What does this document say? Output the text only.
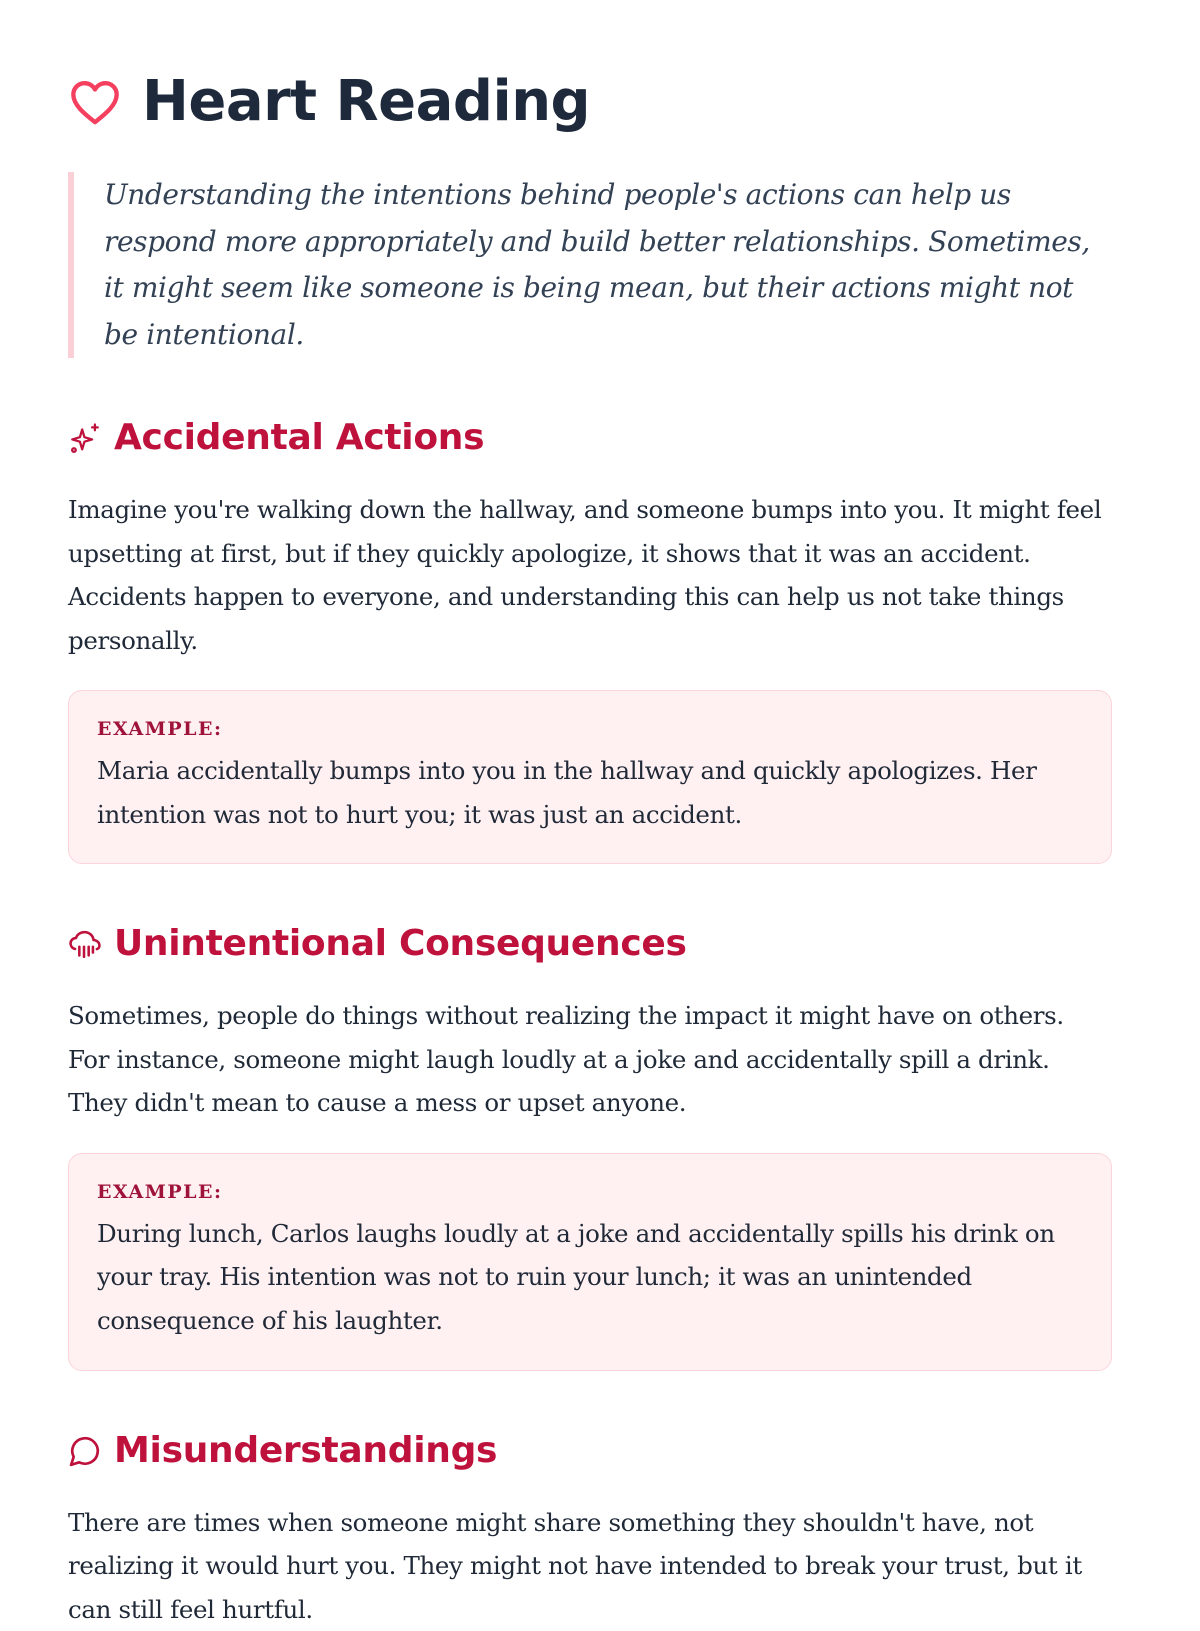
Heart Reading
Understanding the intentions behind people's actions can help us respond more appropriately and build better relationships. Sometimes, it might seem like someone is being mean, but their actions might not be intentional.
Accidental Actions

Imagine you're walking down the hallway, and someone bumps into you. It might feel upsetting at first, but if they quickly apologize, it shows that it was an accident. Accidents happen to everyone, and understanding this can help us not take things personally.

EXAMPLE:

Maria accidentally bumps into you in the hallway and quickly apologizes. Her intention was not to hurt you; it was just an accident.

Unintentional Consequences

Sometimes, people do things without realizing the impact it might have on others. For instance, someone might laugh loudly at a joke and accidentally spill a drink. They didn't mean to cause a mess or upset anyone.

EXAMPLE:

During lunch, Carlos laughs loudly at a joke and accidentally spills his drink on your tray. His intention was not to ruin your lunch; it was an unintended consequence of his laughter.

Misunderstandings

There are times when someone might share something they shouldn't have, not realizing it would hurt you. They might not have intended to break your trust, but it can still feel hurtful.
